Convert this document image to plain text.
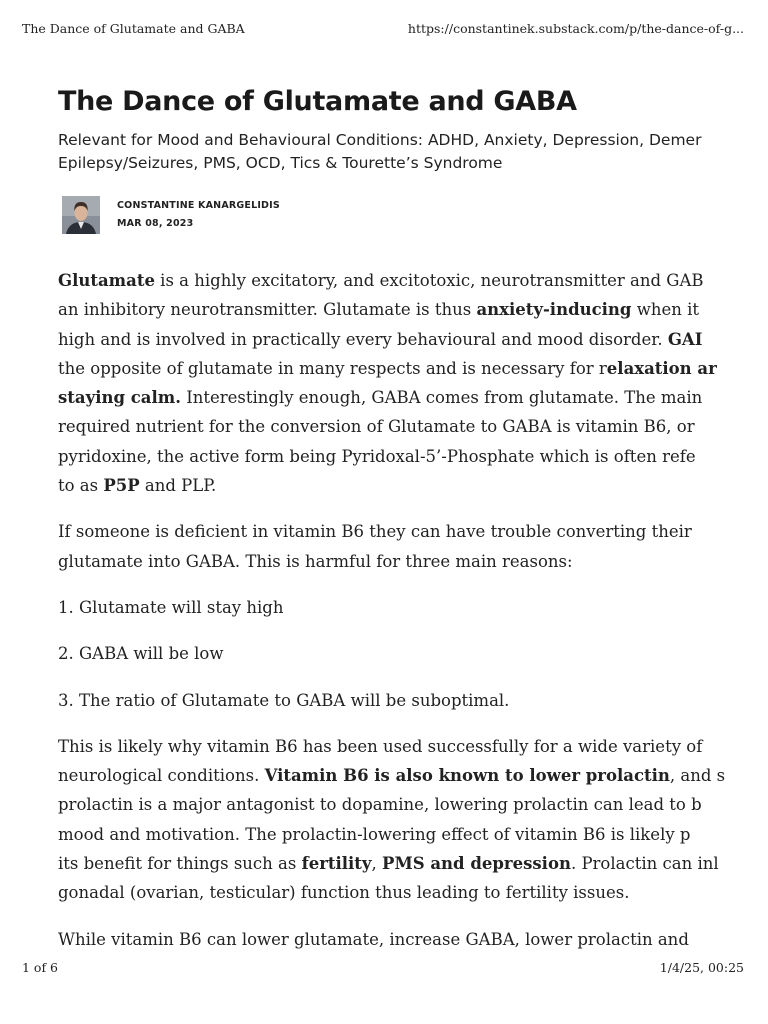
The Dance of Glutamate and GABA	https://constantinek.substack.com/p/the-dance-of-g...
The Dance of Glutamate and GABA
Relevant for Mood and Behavioural Conditions: ADHD, Anxiety, Depression, Demer
Epilepsy/Seizures, PMS, OCD, Tics & Tourette’s Syndrome
CONSTANTINE KANARGELIDIS
MAR 08, 2023

Glutamate is a highly excitatory, and excitotoxic, neurotransmitter and GAB
an inhibitory neurotransmitter. Glutamate is thus anxiety-inducing when it
high and is involved in practically every behavioural and mood disorder. GAI
the opposite of glutamate in many respects and is necessary for relaxation ar
staying calm. Interestingly enough, GABA comes from glutamate. The main
required nutrient for the conversion of Glutamate to GABA is vitamin B6, or
pyridoxine, the active form being Pyridoxal-5’-Phosphate which is often refe
to as P5P and PLP.

If someone is deficient in vitamin B6 they can have trouble converting their
glutamate into GABA. This is harmful for three main reasons:

1. Glutamate will stay high

2. GABA will be low

3. The ratio of Glutamate to GABA will be suboptimal.

This is likely why vitamin B6 has been used successfully for a wide variety of
neurological conditions. Vitamin B6 is also known to lower prolactin, and s
prolactin is a major antagonist to dopamine, lowering prolactin can lead to b
mood and motivation. The prolactin-lowering effect of vitamin B6 is likely p
its benefit for things such as fertility, PMS and depression. Prolactin can inl
gonadal (ovarian, testicular) function thus leading to fertility issues.

While vitamin B6 can lower glutamate, increase GABA, lower prolactin and

1 of 6	1/4/25, 00:25
